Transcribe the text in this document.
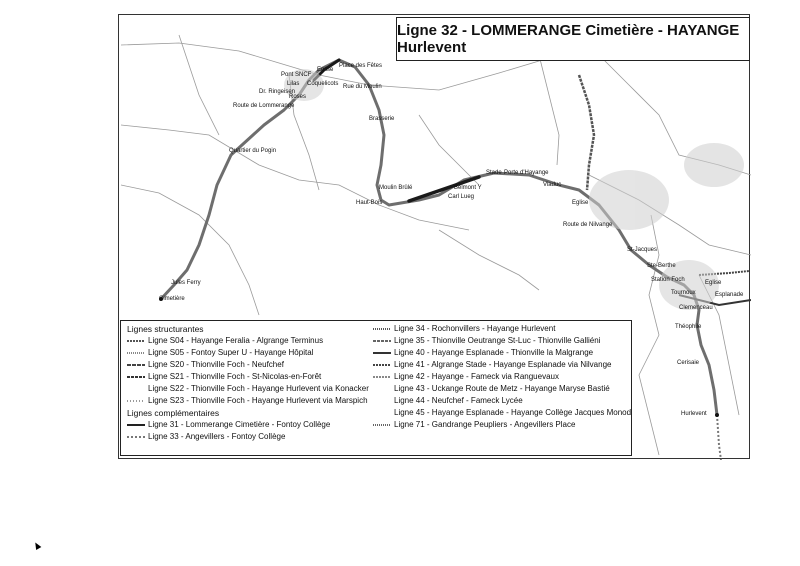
Place des Fêtes
Eglise
Pont SNCF
Lilas Coquelicots
Dr. Ringeisen
Roses
Rue du Moulin
Route de Lommerange
Brasserie
Quartier du Pogin
Moulin Brûlé
Haut-Bois
Belmont Y
Carl Lueg
Stade Porte d'Hayange
Viaduc
Eglise
Route de Nilvange
St-Jacques
Ste-Berthe
Station Foch	Eglise
Tournoux	Esplanade
Clemenceau
Théophile
Cerisaie
Hurlevent
Jules Ferry
Cimetière
Ligne 32 - LOMMERANGE Cimetière - HAYANGE Hurlevent
Lignes structurantes
Ligne S04 - Hayange Feralia - Algrange Terminus
Ligne S05 - Fontoy Super U - Hayange Hôpital
Ligne S20 - Thionville Foch - Neufchef
Ligne S21 - Thionville Foch - St-Nicolas-en-Forêt
Ligne S22 - Thionville Foch - Hayange Hurlevent via Konacker
Ligne S23 - Thionville Foch - Hayange Hurlevent via Marspich
Lignes complémentaires
Ligne 31 - Lommerange Cimetière - Fontoy Collège
Ligne 33 - Angevillers - Fontoy Collège
Ligne 34 - Rochonvillers - Hayange Hurlevent
Ligne 35 - Thionville Oeutrange St-Luc - Thionville Galliéni
Ligne 40 - Hayange Esplanade - Thionville la Malgrange
Ligne 41 - Algrange Stade - Hayange Esplanade via Nilvange
Ligne 42 - Hayange - Fameck via Ranguevaux
Ligne 43 - Uckange Route de Metz - Hayange Maryse Bastié
Ligne 44 - Neufchef - Fameck Lycée
Ligne 45 - Hayange Esplanade - Hayange Collège Jacques Monod
Ligne 71 - Gandrange Peupliers - Angevillers Place
